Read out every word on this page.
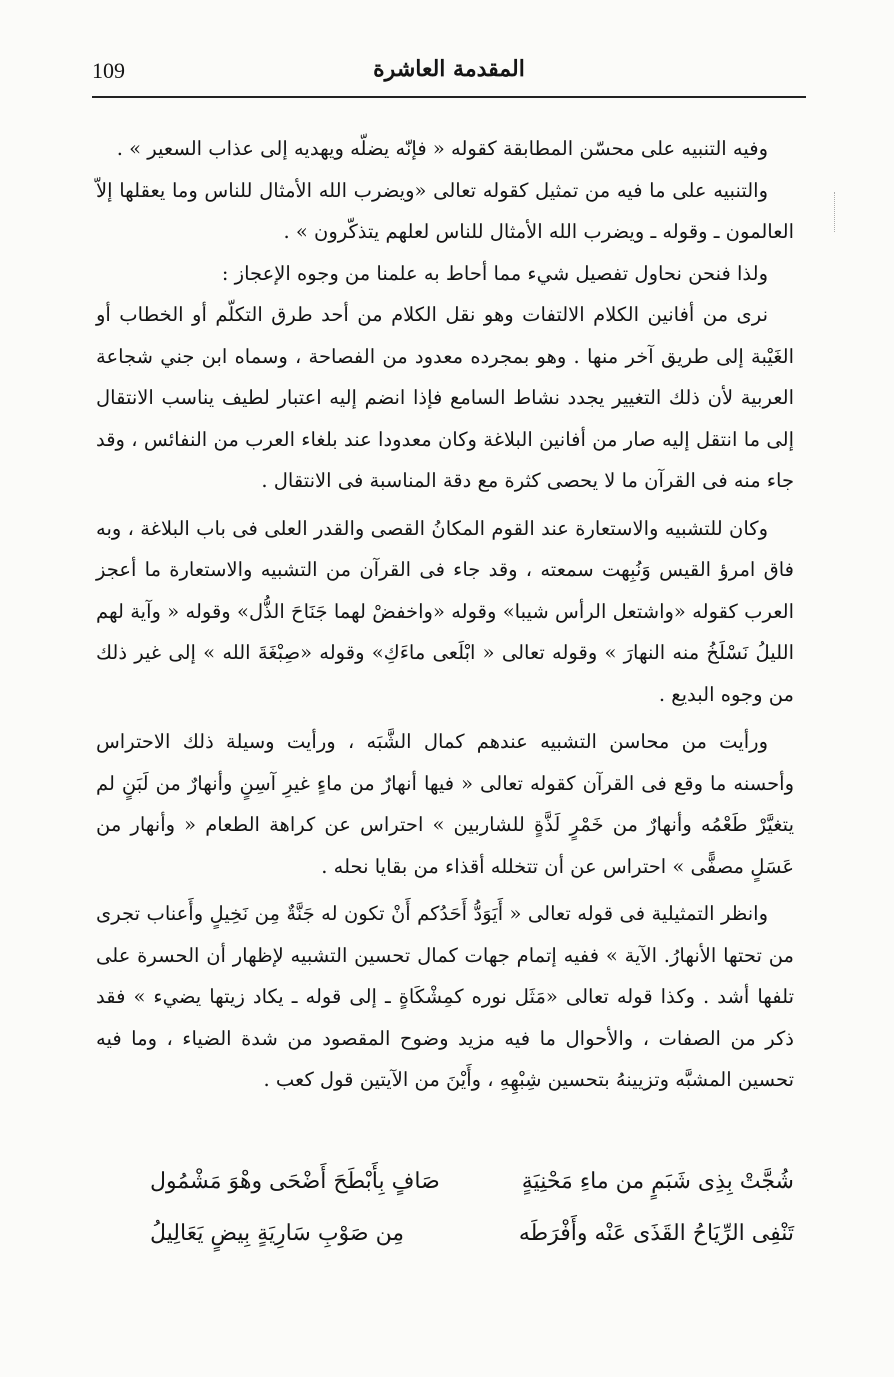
109	المقدمة العاشرة

وفيه التنبيه على محسّن المطابقة كقوله « فإنّه يضلّه ويهديه إلى عذاب السعير » .

والتنبيه على ما فيه من تمثيل كقوله تعالى «ويضرب الله الأمثال للناس وما يعقلها إلاّ العالمون ـ وقوله ـ ويضرب الله الأمثال للناس لعلهم يتذكّرون » .

ولذا فنحن نحاول تفصيل شيء مما أحاط به علمنا من وجوه الإعجاز :

نرى من أفانين الكلام الالتفات وهو نقل الكلام من أحد طرق التكلّم أو الخطاب أو الغَيْبة إلى طريق آخر منها . وهو بمجرده معدود من الفصاحة ، وسماه ابن جني شجاعة العربية لأن ذلك التغيير يجدد نشاط السامع فإذا انضم إليه اعتبار لطيف يناسب الانتقال إلى ما انتقل إليه صار من أفانين البلاغة وكان معدودا عند بلغاء العرب من النفائس ، وقد جاء منه فى القرآن ما لا يحصى كثرة مع دقة المناسبة فى الانتقال .

وكان للتشبيه والاستعارة عند القوم المكانُ القصى والقدر العلى فى باب البلاغة ، وبه فاق امرؤ القيس وَنُبِهت سمعته ، وقد جاء فى القرآن من التشبيه والاستعارة ما أعجز العرب كقوله «واشتعل الرأس شيبا» وقوله «واخفضْ لهما جَنَاحَ الذُّل» وقوله « وآية لهم الليلُ نَسْلَخُ منه النهارَ » وقوله تعالى « ابْلَعى ماءَكِ» وقوله «صِبْغَةَ الله » إلى غير ذلك من وجوه البديع .

ورأيت من محاسن التشبيه عندهم كمال الشَّبَه ، ورأيت وسيلة ذلك الاحتراس وأحسنه ما وقع فى القرآن كقوله تعالى « فيها أنهارٌ من ماءٍ غيرِ آسِنٍ وأنهارٌ من لَبَنٍ لم يتغيَّرْ طَعْمُه وأنهارٌ من خَمْرٍ لَذَّةٍ للشاربين » احتراس عن كراهة الطعام « وأنهار من عَسَلٍ مصفًّى » احتراس عن أن تتخلله أقذاء من بقايا نحله .

وانظر التمثيلية فى قوله تعالى « أَيَوَدُّ أَحَدُكم أَنْ تكون له جَنَّةٌ مِن نَخِيلٍ وأَعناب تجرى من تحتها الأنهارُ. الآية » ففيه إتمام جهات كمال تحسين التشبيه لإظهار أن الحسرة على تلفها أشد . وكذا قوله تعالى «مَثَل نوره كمِشْكَاةٍ ـ إلى قوله ـ يكاد زيتها يضيء » فقد ذكر من الصفات ، والأحوال ما فيه مزيد وضوح المقصود من شدة الضياء ، وما فيه تحسين المشبَّه وتزيينهُ بتحسين شِبْهِهِ ، وأَيْنَ من الآيتين قول كعب .

شُجَّتْ بِذِى شَبَمٍ من ماءِ مَحْنِيَةٍ
صَافٍ بِأَبْطَحَ أَضْحَى وهْوَ مَشْمُول
تَنْفِى الرِّيَاحُ القَذَى عَنْه وأَفْرَطَه
مِن صَوْبِ سَارِيَةٍ بِيضٍ يَعَالِيلُ
